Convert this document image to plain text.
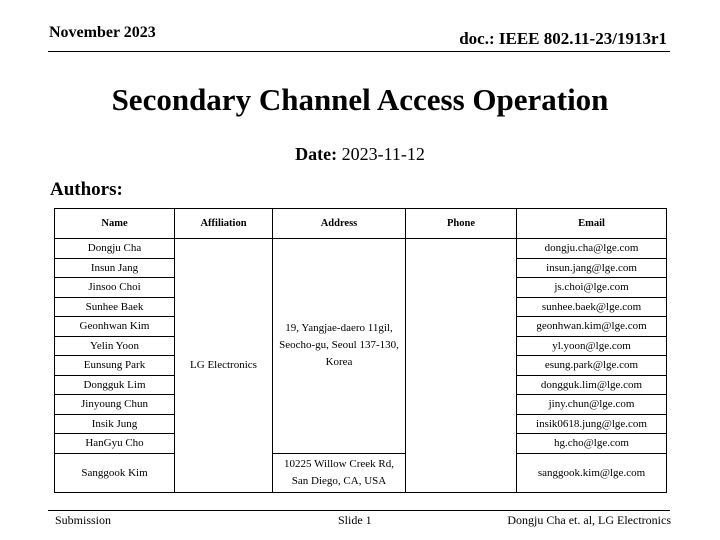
November 2023	doc.: IEEE 802.11-23/1913r1
Secondary Channel Access Operation
Date: 2023-11-12
Authors:
Name	Affiliation	Address	Phone	Email
Dongju Cha	LG Electronics	19, Yangjae-daero 11gil, Seocho-gu, Seoul 137-130, Korea		dongju.cha@lge.com
Insun Jang				insun.jang@lge.com
Jinsoo Choi				js.choi@lge.com
Sunhee Baek				sunhee.baek@lge.com
Geonhwan Kim				geonhwan.kim@lge.com
Yelin Yoon				yl.yoon@lge.com
Eunsung Park				esung.park@lge.com
Dongguk Lim				dongguk.lim@lge.com
Jinyoung Chun				jiny.chun@lge.com
Insik Jung				insik0618.jung@lge.com
HanGyu Cho				hg.cho@lge.com
Sanggook Kim		10225 Willow Creek Rd, San Diego, CA, USA		sanggook.kim@lge.com
Submission	Slide 1	Dongju Cha et. al, LG Electronics
